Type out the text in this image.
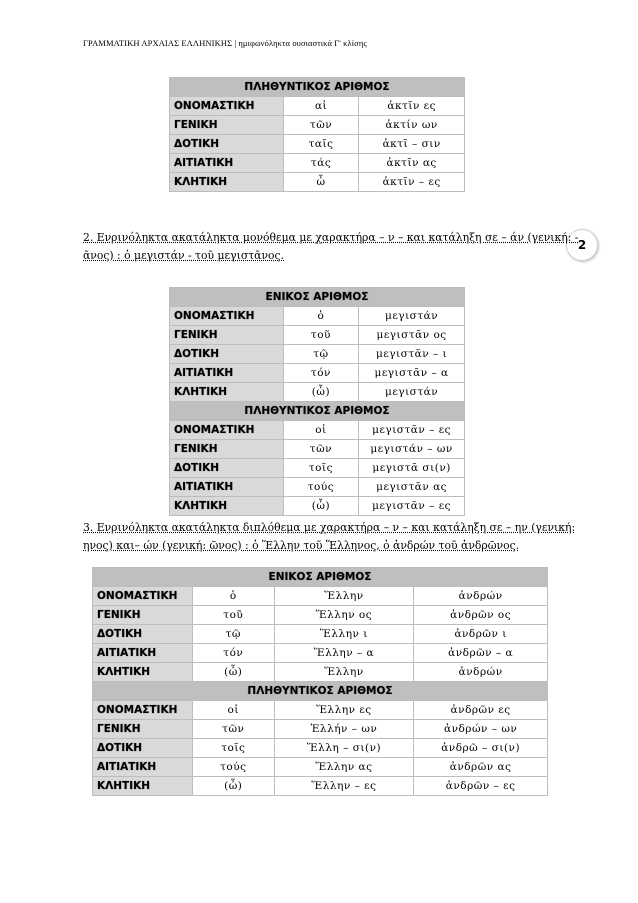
ΓΡΑΜΜΑΤΙΚΗ ΑΡΧΑΙΑΣ ΕΛΛΗΝΙΚΗΣ | ημιφωνόληκτα ουσιαστικά Γ' κλίσης
2
ΠΛΗΘΥΝΤΙΚΟΣ ΑΡΙΘΜΟΣ		
ΟΝΟΜΑΣΤΙΚΗ	αἱ	ἀκτῖν ες
ΓΕΝΙΚΗ	τῶν	ἀκτίν ων
ΔΟΤΙΚΗ	ταῖς	ἀκτῖ – σιν
ΑΙΤΙΑΤΙΚΗ	τάς	ἀκτῖν ας
ΚΛΗΤΙΚΗ	ὦ	ἀκτῖν – ες
2. Ενρινόληκτα ακατάληκτα μονόθεμα με χαρακτήρα – ν – και κατάληξη σε – άν (γενική: -
ᾶνος) : ὁ μεγιστάν - τοῦ μεγιστᾶνος.
ΕΝΙΚΟΣ ΑΡΙΘΜΟΣ		
ΟΝΟΜΑΣΤΙΚΗ	ὁ	μεγιστάν
ΓΕΝΙΚΗ	τοῦ	μεγιστᾶν ος
ΔΟΤΙΚΗ	τῷ	μεγιστᾶν – ι
ΑΙΤΙΑΤΙΚΗ	τόν	μεγιστᾶν – α
ΚΛΗΤΙΚΗ	(ὦ)	μεγιστάν
ΠΛΗΘΥΝΤΙΚΟΣ ΑΡΙΘΜΟΣ		
ΟΝΟΜΑΣΤΙΚΗ	οἱ	μεγιστᾶν – ες
ΓΕΝΙΚΗ	τῶν	μεγιστάν – ων
ΔΟΤΙΚΗ	τοῖς	μεγιστᾶ σι(ν)
ΑΙΤΙΑΤΙΚΗ	τούς	μεγιστᾶν ας
ΚΛΗΤΙΚΗ	(ὦ)	μεγιστᾶν – ες
3. Ενρινόληκτα ακατάληκτα διπλόθεμα με χαρακτήρα – ν – και κατάληξη σε – ην (γενική:
ηνος) και– ών (γενική: ῶνος) : ὁ Ἕλλην τοῦ Ἕλληνος, ὁ ἀνδρών τοῦ ἀνδρῶνος.
ΕΝΙΚΟΣ ΑΡΙΘΜΟΣ			
ΟΝΟΜΑΣΤΙΚΗ	ὁ	Ἕλλην	ἀνδρών
ΓΕΝΙΚΗ	τοῦ	Ἕλλην ος	ἀνδρῶν ος
ΔΟΤΙΚΗ	τῷ	Ἕλλην ι	ἀνδρῶν ι
ΑΙΤΙΑΤΙΚΗ	τόν	Ἕλλην – α	ἀνδρῶν – α
ΚΛΗΤΙΚΗ	(ὦ)	Ἕλλην	ἀνδρών
ΠΛΗΘΥΝΤΙΚΟΣ ΑΡΙΘΜΟΣ			
ΟΝΟΜΑΣΤΙΚΗ	οἱ	Ἕλλην ες	ἀνδρῶν ες
ΓΕΝΙΚΗ	τῶν	Ἑλλήν – ων	ἀνδρών – ων
ΔΟΤΙΚΗ	τοῖς	Ἕλλη – σι(ν)	ἀνδρῶ – σι(ν)
ΑΙΤΙΑΤΙΚΗ	τούς	Ἕλλην ας	ἀνδρῶν ας
ΚΛΗΤΙΚΗ	(ὦ)	Ἕλλην – ες	ἀνδρῶν – ες
